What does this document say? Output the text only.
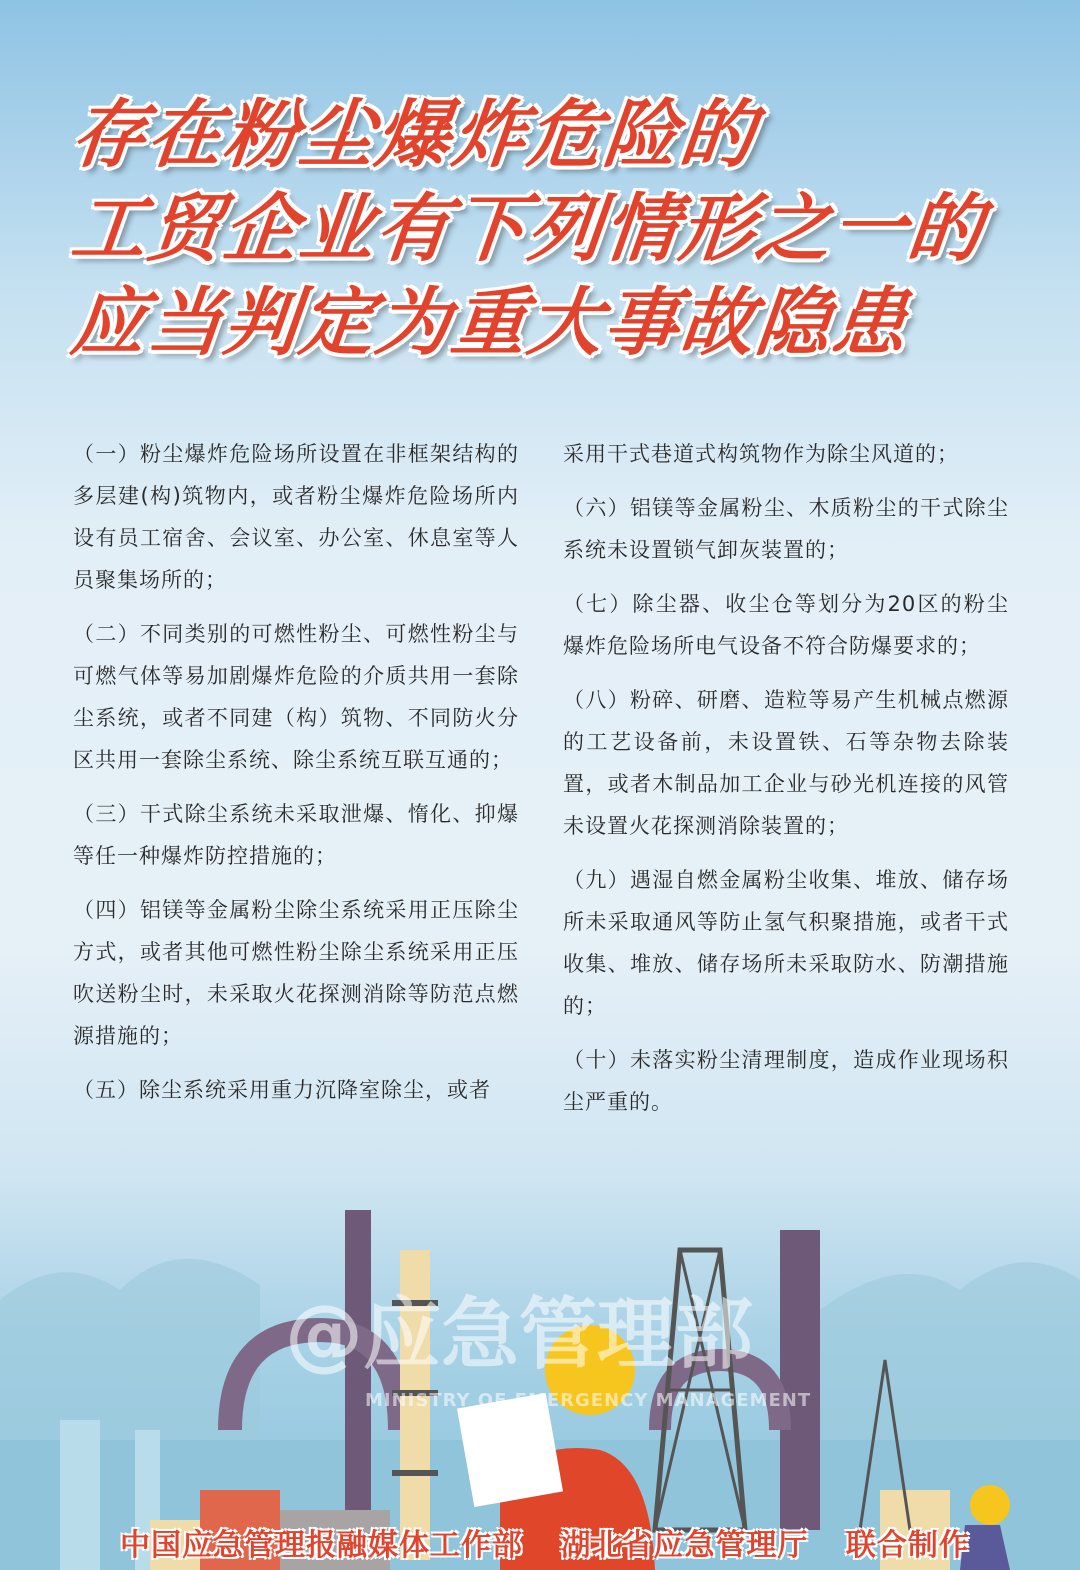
存在粉尘爆炸危险的
工贸企业有下列情形之一的
应当判定为重大事故隐患

（一）粉尘爆炸危险场所设置在非框架结构的多层建(构)筑物内，或者粉尘爆炸危险场所内设有员工宿舍、会议室、办公室、休息室等人员聚集场所的；

（二）不同类别的可燃性粉尘、可燃性粉尘与可燃气体等易加剧爆炸危险的介质共用一套除尘系统，或者不同建（构）筑物、不同防火分区共用一套除尘系统、除尘系统互联互通的；

（三）干式除尘系统未采取泄爆、惰化、抑爆等任一种爆炸防控措施的；

（四）铝镁等金属粉尘除尘系统采用正压除尘方式，或者其他可燃性粉尘除尘系统采用正压吹送粉尘时，未采取火花探测消除等防范点燃源措施的；

（五）除尘系统采用重力沉降室除尘，或者

采用干式巷道式构筑物作为除尘风道的；

（六）铝镁等金属粉尘、木质粉尘的干式除尘系统未设置锁气卸灰装置的；

（七）除尘器、收尘仓等划分为20区的粉尘爆炸危险场所电气设备不符合防爆要求的；

（八）粉碎、研磨、造粒等易产生机械点燃源的工艺设备前，未设置铁、石等杂物去除装置，或者木制品加工企业与砂光机连接的风管未设置火花探测消除装置的；

（九）遇湿自燃金属粉尘收集、堆放、储存场所未采取通风等防止氢气积聚措施，或者干式收集、堆放、储存场所未采取防水、防潮措施的；

（十）未落实粉尘清理制度，造成作业现场积尘严重的。

@应急管理部
MINISTRY OF EMERGENCY MANAGEMENT
中国应急管理报融媒体工作部 湖北省应急管理厅 联合制作
